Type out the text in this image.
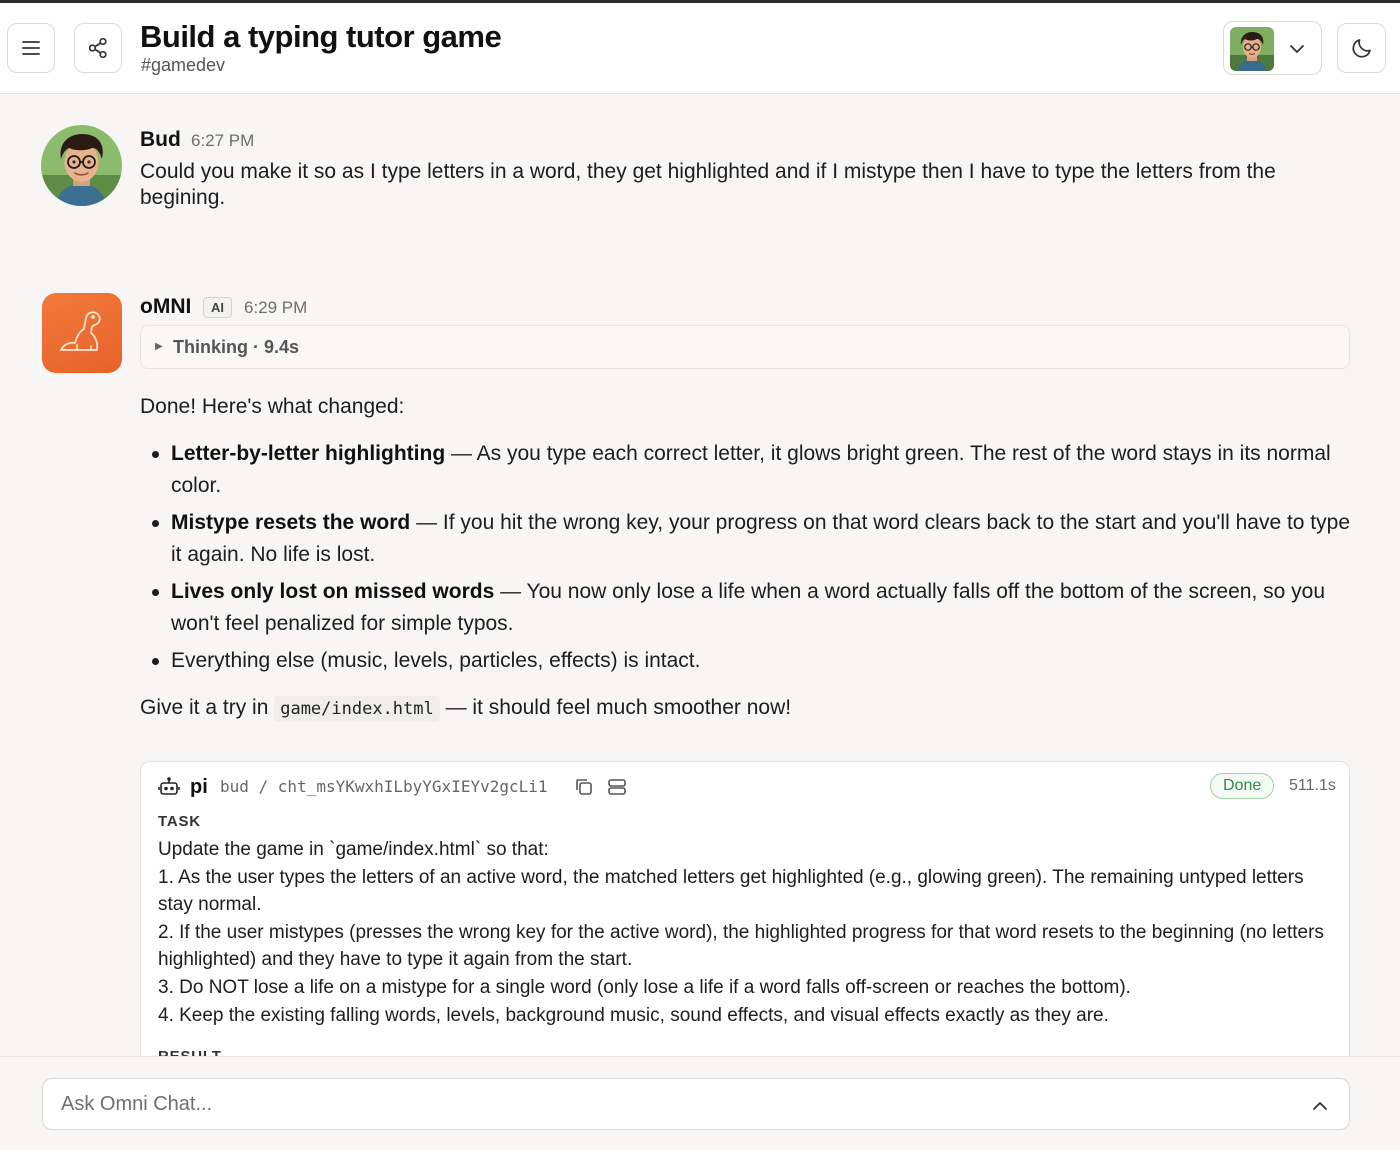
Build a typing tutor game
#gamedev
Bud 6:27 PM
Could you make it so as I type letters in a word, they get highlighted and if I mistype then I have to type the letters from the begining.
oMNI	AI	6:29 PM
▶ Thinking · 9.4s
Done! Here's what changed:
Letter-by-letter highlighting — As you type each correct letter, it glows bright green. The rest of the word stays in its normal color.
Mistype resets the word — If you hit the wrong key, your progress on that word clears back to the start and you'll have to type it again. No life is lost.
Lives only lost on missed words — You now only lose a life when a word actually falls off the bottom of the screen, so you won't feel penalized for simple typos.
Everything else (music, levels, particles, effects) is intact.
Give it a try in game/index.html — it should feel much smoother now!
pi bud / cht_msYKwxhILbyYGxIEYv2gcLi1	Done	511.1s
TASK
Update the game in `game/index.html` so that:
1. As the user types the letters of an active word, the matched letters get highlighted (e.g., glowing green). The remaining untyped letters stay normal.
2. If the user mistypes (presses the wrong key for the active word), the highlighted progress for that word resets to the beginning (no letters highlighted) and they have to type it again from the start.
3. Do NOT lose a life on a mistype for a single word (only lose a life if a word falls off-screen or reaches the bottom).
4. Keep the existing falling words, levels, background music, sound effects, and visual effects exactly as they are.
Ask Omni Chat...
